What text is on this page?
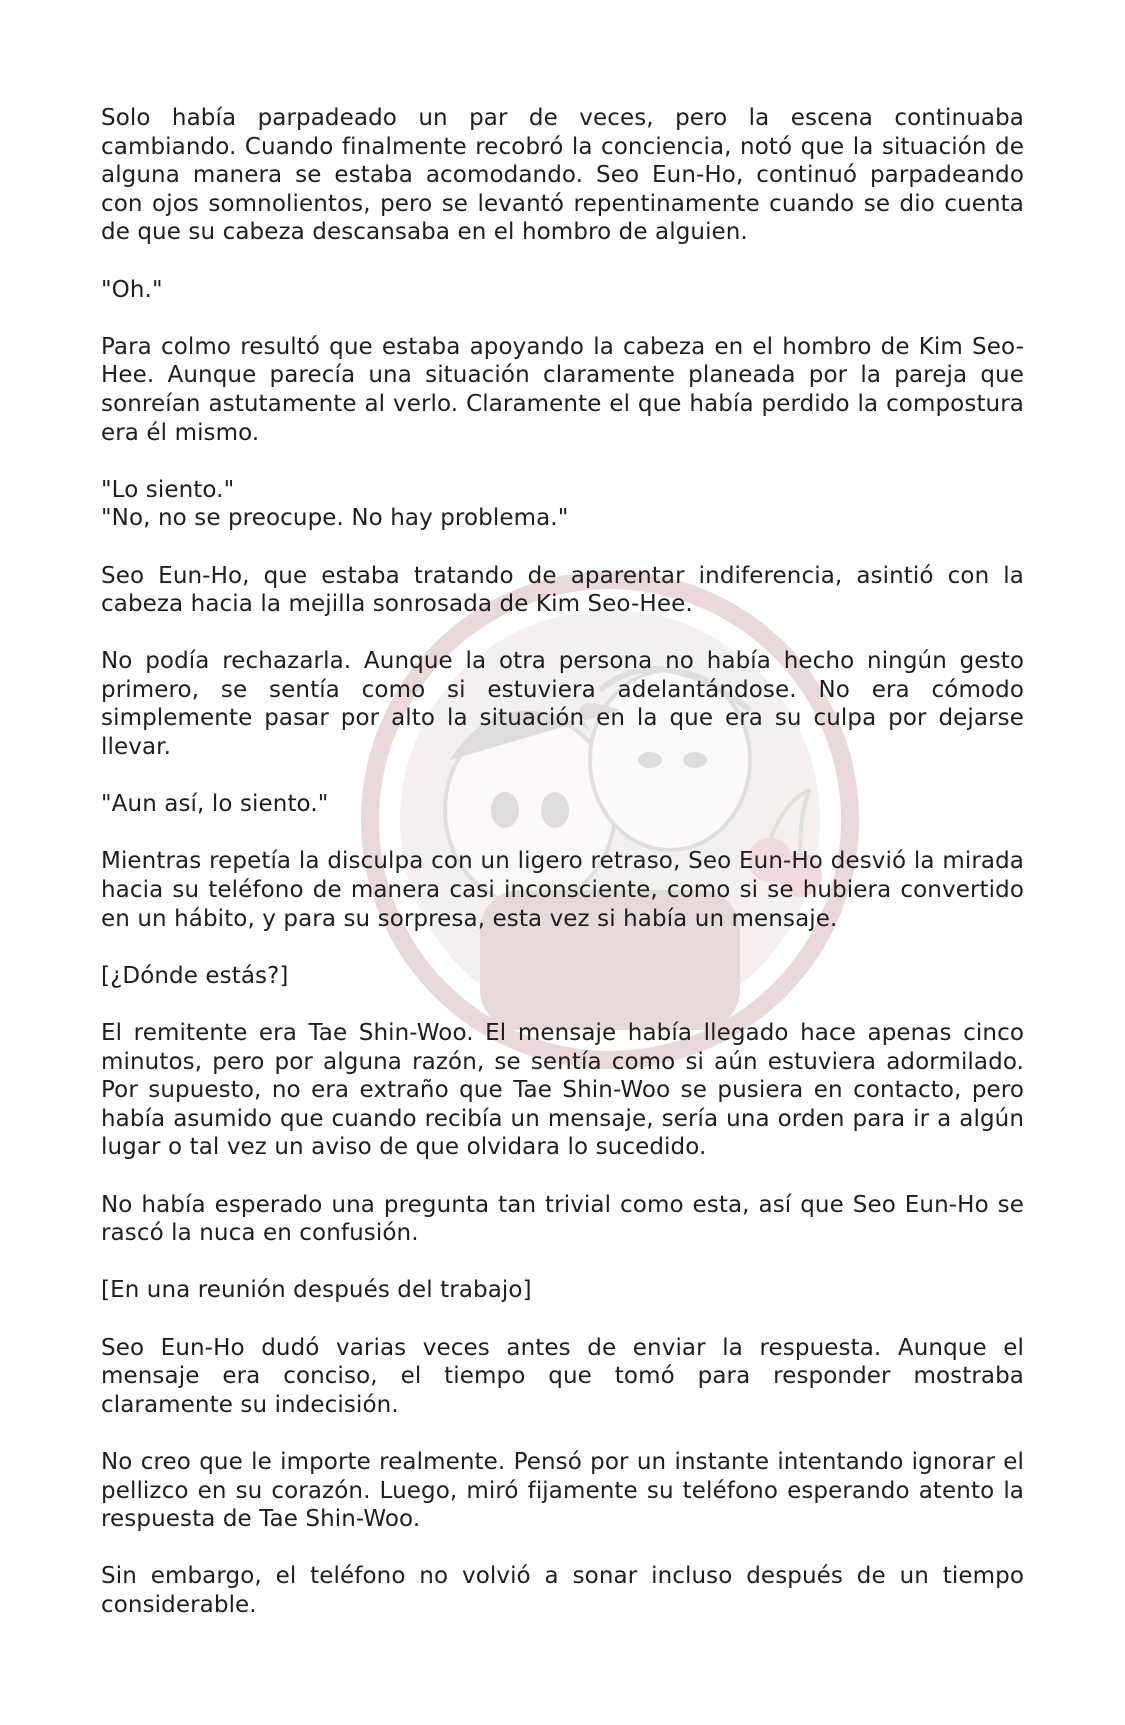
Solo había parpadeado un par de veces, pero la escena continuaba cambiando. Cuando finalmente recobró la conciencia, notó que la situación de alguna manera se estaba acomodando. Seo Eun-Ho, continuó parpadeando con ojos somnolientos, pero se levantó repentinamente cuando se dio cuenta de que su cabeza descansaba en el hombro de alguien.

"Oh."

Para colmo resultó que estaba apoyando la cabeza en el hombro de Kim Seo-Hee. Aunque parecía una situación claramente planeada por la pareja que sonreían astutamente al verlo. Claramente el que había perdido la compostura era él mismo.

"Lo siento."

"No, no se preocupe. No hay problema."

Seo Eun-Ho, que estaba tratando de aparentar indiferencia, asintió con la cabeza hacia la mejilla sonrosada de Kim Seo-Hee.

No podía rechazarla. Aunque la otra persona no había hecho ningún gesto primero, se sentía como si estuviera adelantándose. No era cómodo simplemente pasar por alto la situación en la que era su culpa por dejarse llevar.

"Aun así, lo siento."

Mientras repetía la disculpa con un ligero retraso, Seo Eun-Ho desvió la mirada hacia su teléfono de manera casi inconsciente, como si se hubiera convertido en un hábito, y para su sorpresa, esta vez si había un mensaje.

[¿Dónde estás?]

El remitente era Tae Shin-Woo. El mensaje había llegado hace apenas cinco minutos, pero por alguna razón, se sentía como si aún estuviera adormilado. Por supuesto, no era extraño que Tae Shin-Woo se pusiera en contacto, pero había asumido que cuando recibía un mensaje, sería una orden para ir a algún lugar o tal vez un aviso de que olvidara lo sucedido.

No había esperado una pregunta tan trivial como esta, así que Seo Eun-Ho se rascó la nuca en confusión.

[En una reunión después del trabajo]

Seo Eun-Ho dudó varias veces antes de enviar la respuesta. Aunque el mensaje era conciso, el tiempo que tomó para responder mostraba claramente su indecisión.

No creo que le importe realmente. Pensó por un instante intentando ignorar el pellizco en su corazón. Luego, miró fijamente su teléfono esperando atento la respuesta de Tae Shin-Woo.

Sin embargo, el teléfono no volvió a sonar incluso después de un tiempo considerable.
